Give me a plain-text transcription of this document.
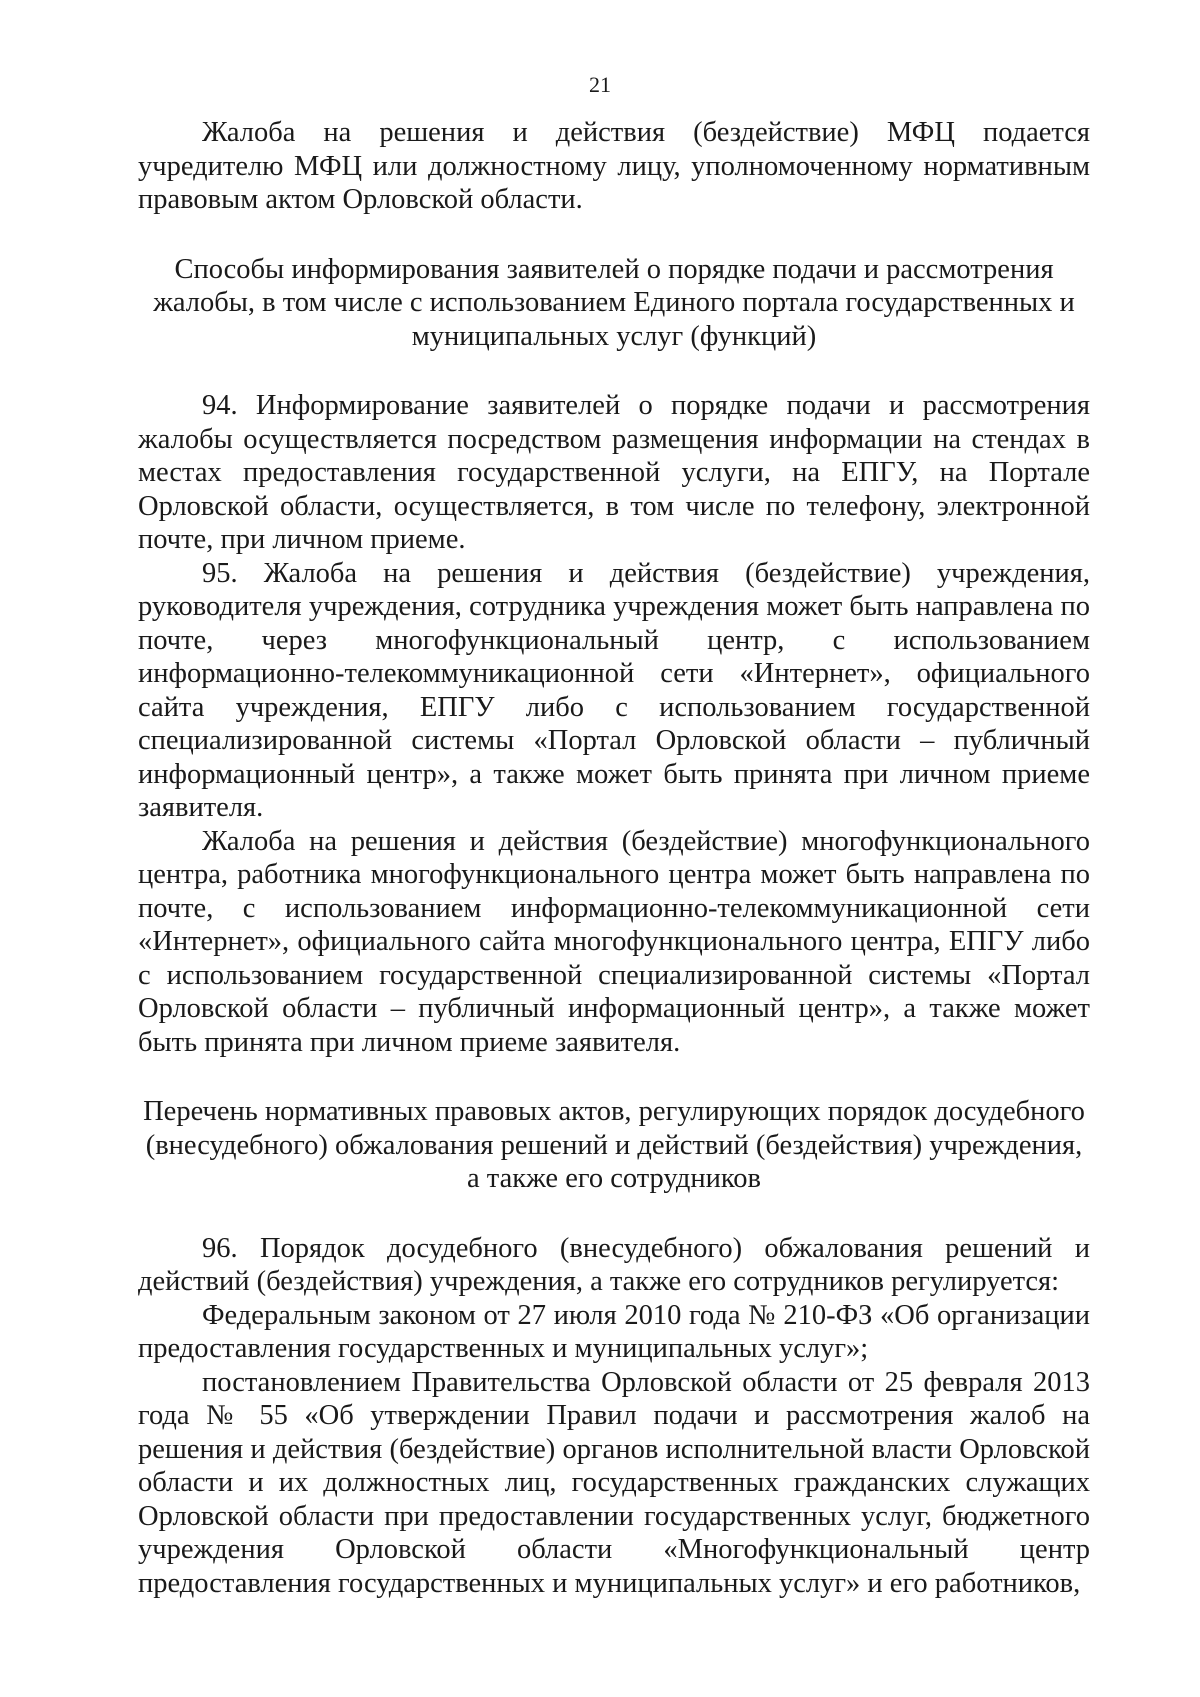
21

Жалоба на решения и действия (бездействие) МФЦ подается учредителю МФЦ или должностному лицу, уполномоченному нормативным правовым актом Орловской области.

Способы информирования заявителей о порядке подачи и рассмотрения жалобы, в том числе с использованием Единого портала государственных и муниципальных услуг (функций)

94. Информирование заявителей о порядке подачи и рассмотрения жалобы осуществляется посредством размещения информации на стендах в местах предоставления государственной услуги, на ЕПГУ, на Портале Орловской области, осуществляется, в том числе по телефону, электронной почте, при личном приеме.

95. Жалоба на решения и действия (бездействие) учреждения, руководителя учреждения, сотрудника учреждения может быть направлена по почте, через многофункциональный центр, с использованием информационно-телекоммуникационной сети «Интернет», официального сайта учреждения, ЕПГУ либо с использованием государственной специализированной системы «Портал Орловской области – публичный информационный центр», а также может быть принята при личном приеме заявителя.

Жалоба на решения и действия (бездействие) многофункционального центра, работника многофункционального центра может быть направлена по почте, с использованием информационно-телекоммуникационной сети «Интернет», официального сайта многофункционального центра, ЕПГУ либо с использованием государственной специализированной системы «Портал Орловской области – публичный информационный центр», а также может быть принята при личном приеме заявителя.

Перечень нормативных правовых актов, регулирующих порядок досудебного (внесудебного) обжалования решений и действий (бездействия) учреждения, а также его сотрудников

96. Порядок досудебного (внесудебного) обжалования решений и действий (бездействия) учреждения, а также его сотрудников регулируется:

Федеральным законом от 27 июля 2010 года № 210-ФЗ «Об организации предоставления государственных и муниципальных услуг»;

постановлением Правительства Орловской области от 25 февраля 2013 года № 55 «Об утверждении Правил подачи и рассмотрения жалоб на решения и действия (бездействие) органов исполнительной власти Орловской области и их должностных лиц, государственных гражданских служащих Орловской области при предоставлении государственных услуг, бюджетного учреждения Орловской области «Многофункциональный центр предоставления государственных и муниципальных услуг» и его работников,
